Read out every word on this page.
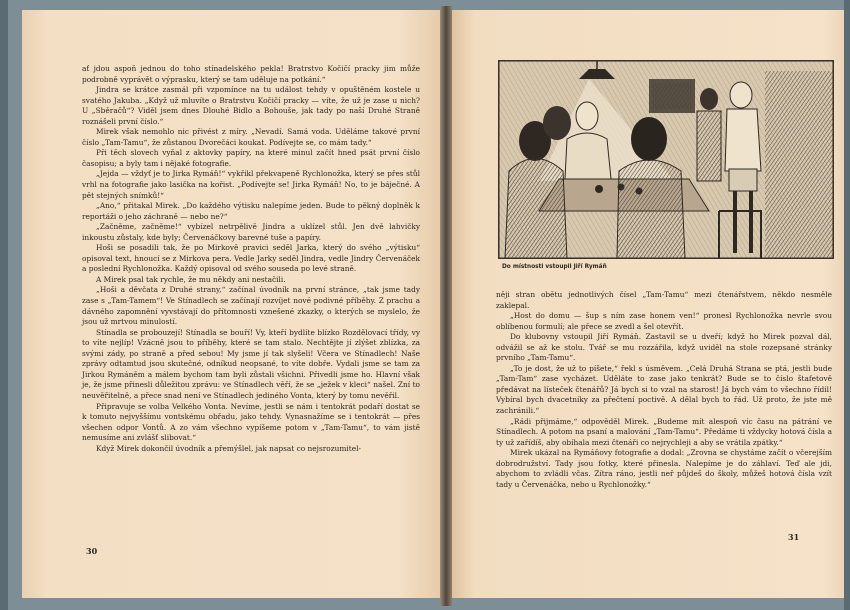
ať jdou aspoň jednou do toho stínadelského pekla! Bratrstvo Kočičí pracky jim může podrobně vyprávět o výprasku, který se tam uděluje na potkání.“

Jindra se krátce zasmál při vzpomínce na tu událost tehdy v opuštěném kostele u svatého Jakuba. „Když už mluvíte o Bratrstvu Kočičí pracky — víte, že už je zase u nich? U „Sběračů“? Viděl jsem dnes Dlouhé Bidlo a Bohouše, jak tady po naší Druhé Straně roznášeli první číslo.“

Mirek však nemohlo nic přivést z míry. „Nevadí. Samá voda. Uděláme takové první číslo „Tam-Tamu“, že zůstanou Dvorečáci koukat. Podívejte se, co mám tady.“

Při těch slovech vyňal z aktovky papíry, na které minul začít hned psát první číslo časopisu; a byly tam i nějaké fotografie.

„Jejda — vždyť je to Jirka Rymáň!“ vykřikl překvapeně Rychlonožka, který se přes stůl vrhl na fotografie jako lasička na kořist. „Podívejte se! Jirka Rymáň! No, to je báječné. A pět stejných snímků!“

„Ano,“ přitakal Mirek. „Do každého výtisku nalepíme jeden. Bude to pěkný doplněk k reportáži o jeho záchraně — nebo ne?“

„Začněme, začněme!“ vybízel netrpělivě Jindra a uklízel stůl. Jen dvě lahvičky inkoustu zůstaly, kde byly; Červenáčkovy barevné tuše a papíry.

Hoši se posadili tak, že po Mirkově pravici seděl Jarka, který do svého „výtisku“ opisoval text, hnoucí se z Mirkova pera. Vedle Jarky seděl Jindra, vedle Jindry Červenáček a poslední Rychlonožka. Každý opisoval od svého souseda po levé straně.

A Mirek psal tak rychle, že mu někdy ani nestačili.

„Hoši a děvčata z Druhé strany,“ začínal úvodník na první stránce, „tak jsme tady zase s „Tam-Tamem“! Ve Stínadlech se začínají rozvíjet nové podivné příběhy. Z prachu a dávného zapomnění vyvstávají do přítomnosti vznešené zkazky, o kterých se myslelo, že jsou už mrtvou minulostí.

Stínadla se probouzejí! Stínadla se bouří! Vy, kteří bydlíte blízko Rozdělovací třídy, vy to víte nejlíp! Vzácně jsou to příběhy, které se tam stalo. Nechtějte jí zlýšet zblízka, za svými zády, po straně a před sebou! My jsme jí tak slyšeli! Včera ve Stínadlech! Naše zprávy odtamtud jsou skutečné, odníkud neopsané, to víte dobře. Vydali jsme se tam za Jirkou Rymáněm a málem bychom tam byli zůstali všichni. Přivedli jsme ho. Hlavní však je, že jsme přinesli důležitou zprávu: ve Stínadlech věří, že se „ježek v kleci“ našel. Zní to neuvěřitelně, a přece snad není ve Stínadlech jediného Vonta, který by tomu nevěřil.

Připravuje se volba Velkého Vonta. Nevíme, jestli se nám i tentokrát podaří dostat se k tomuto nejvyššímu vontskému obřadu, jako tehdy. Vynasnažíme se i tentokrát — přes všechen odpor Vontů. A zo vám všechno vypíšeme potom v „Tam-Tamu“, to vám jistě nemusíme ani zvlášť slibovat.“

Když Mirek dokončil úvodník a přemýšlel, jak napsat co nejsrozumitel-

30
Do místnosti vstoupil Jiří Rymáň

něji stran obětu jednotlivých čísel „Tam-Tamu“ mezi čtenářstvem, někdo nesměle zaklepal.

„Host do domu — šup s ním zase honem ven!“ pronesl Rychlonožka nevrle svou oblíbenou formulí; ale přece se zvedl a šel otevřít.

Do klubovny vstoupil Jiří Rymáň. Zastavil se u dveří; když ho Mirek pozval dál, odvážil se až ke stolu. Tvář se mu rozzářila, když uviděl na stole rozepsané stránky prvního „Tam-Tamu“.

„To je dost, že už to píšete,“ řekl s úsměvem. „Celá Druhá Strana se ptá, jestli bude „Tam-Tam“ zase vycházet. Uděláte to zase jako tenkrát? Bude se to číslo štafetově předávat na lísteček čtenářů? Já bych si to vzal na starost! Já bych vám to všechno řídil! Vybíral bych dvacetníky za přečtení poctivě. A dělal bych to řád. Už proto, že jste mě zachránili.“

„Rádi přijmáme,“ odpověděl Mirek. „Budeme mít alespoň víc času na pátrání ve Stínadlech. A potom na psaní a malování „Tam-Tamu“. Předáme ti vždycky hotová čísla a ty už zařídíš, aby obíhala mezi čtenáři co nejrychleji a aby se vrátila zpátky.“

Mirek ukázal na Rymáňovy fotografie a dodal: „Zrovna se chystáme začít o včerejším dobrodružství. Tady jsou fotky, které přinesla. Nalepíme je do záhlaví. Teď ale jdi, abychom to zvládli včas. Zítra ráno, jestli neř půjdeš do školy, můžeš hotová čísla vzít tady u Červenáčka, nebo u Rychlonožky.“

31
